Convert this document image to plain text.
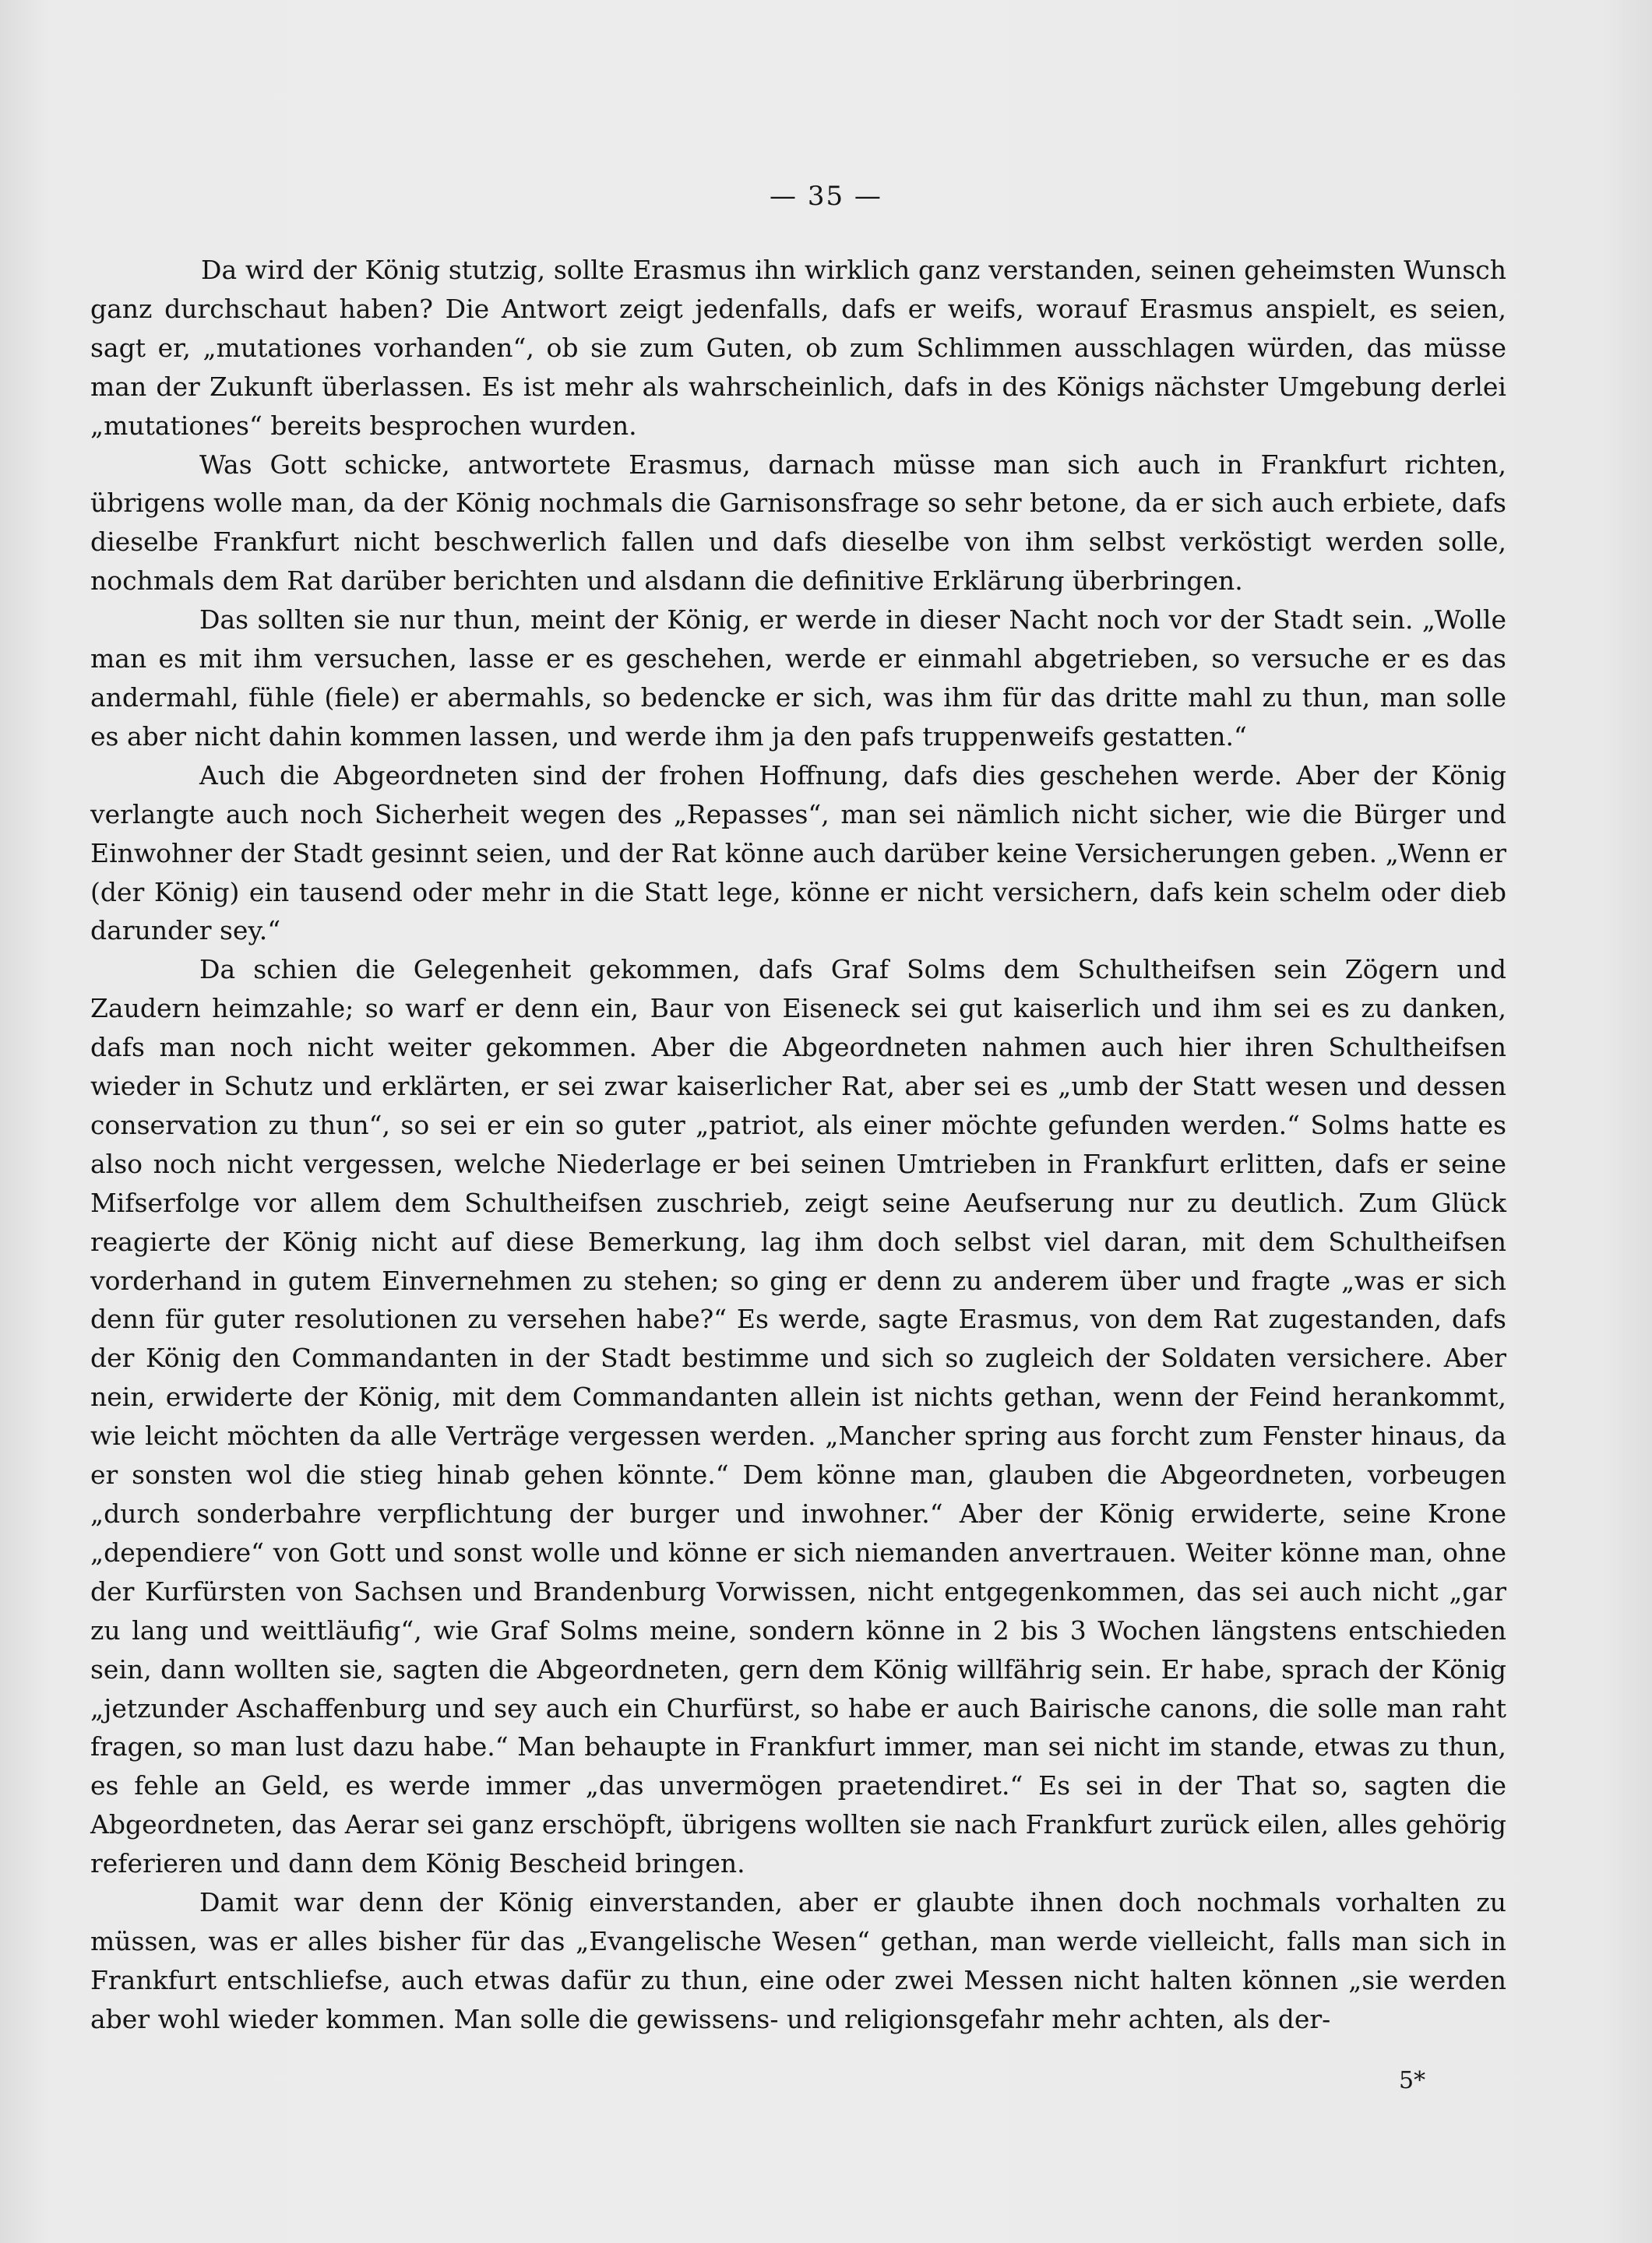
— 35 —

Da wird der König stutzig, sollte Erasmus ihn wirklich ganz verstanden, seinen geheimsten Wunsch ganz durchschaut haben? Die Antwort zeigt jedenfalls, dafs er weifs, worauf Erasmus anspielt, es seien, sagt er, „mutationes vorhanden“, ob sie zum Guten, ob zum Schlimmen ausschlagen würden, das müsse man der Zukunft überlassen. Es ist mehr als wahrscheinlich, dafs in des Königs nächster Umgebung derlei „mutationes“ bereits besprochen wurden.

Was Gott schicke, antwortete Erasmus, darnach müsse man sich auch in Frankfurt richten, übrigens wolle man, da der König nochmals die Garnisonsfrage so sehr betone, da er sich auch erbiete, dafs dieselbe Frankfurt nicht beschwerlich fallen und dafs dieselbe von ihm selbst verköstigt werden solle, nochmals dem Rat darüber berichten und alsdann die definitive Erklärung überbringen.

Das sollten sie nur thun, meint der König, er werde in dieser Nacht noch vor der Stadt sein. „Wolle man es mit ihm versuchen, lasse er es geschehen, werde er einmahl abgetrieben, so versuche er es das andermahl, fühle (fiele) er abermahls, so bedencke er sich, was ihm für das dritte mahl zu thun, man solle es aber nicht dahin kommen lassen, und werde ihm ja den pafs truppenweifs gestatten.“

Auch die Abgeordneten sind der frohen Hoffnung, dafs dies geschehen werde. Aber der König verlangte auch noch Sicherheit wegen des „Repasses“, man sei nämlich nicht sicher, wie die Bürger und Einwohner der Stadt gesinnt seien, und der Rat könne auch darüber keine Versicherungen geben. „Wenn er (der König) ein tausend oder mehr in die Statt lege, könne er nicht versichern, dafs kein schelm oder dieb darunder sey.“

Da schien die Gelegenheit gekommen, dafs Graf Solms dem Schultheifsen sein Zögern und Zaudern heimzahle; so warf er denn ein, Baur von Eiseneck sei gut kaiserlich und ihm sei es zu danken, dafs man noch nicht weiter gekommen. Aber die Abgeordneten nahmen auch hier ihren Schultheifsen wieder in Schutz und erklärten, er sei zwar kaiserlicher Rat, aber sei es „umb der Statt wesen und dessen conservation zu thun“, so sei er ein so guter „patriot, als einer möchte gefunden werden.“ Solms hatte es also noch nicht vergessen, welche Niederlage er bei seinen Umtrieben in Frankfurt erlitten, dafs er seine Mifserfolge vor allem dem Schultheifsen zuschrieb, zeigt seine Aeufserung nur zu deutlich. Zum Glück reagierte der König nicht auf diese Bemerkung, lag ihm doch selbst viel daran, mit dem Schultheifsen vorderhand in gutem Einvernehmen zu stehen; so ging er denn zu anderem über und fragte „was er sich denn für guter resolutionen zu versehen habe?“ Es werde, sagte Erasmus, von dem Rat zugestanden, dafs der König den Commandanten in der Stadt bestimme und sich so zugleich der Soldaten versichere. Aber nein, erwiderte der König, mit dem Commandanten allein ist nichts gethan, wenn der Feind herankommt, wie leicht möchten da alle Verträge vergessen werden. „Mancher spring aus forcht zum Fenster hinaus, da er sonsten wol die stieg hinab gehen könnte.“ Dem könne man, glauben die Abgeordneten, vorbeugen „durch sonderbahre verpflichtung der burger und inwohner.“ Aber der König erwiderte, seine Krone „dependiere“ von Gott und sonst wolle und könne er sich niemanden anvertrauen. Weiter könne man, ohne der Kurfürsten von Sachsen und Brandenburg Vorwissen, nicht entgegenkommen, das sei auch nicht „gar zu lang und weittläufig“, wie Graf Solms meine, sondern könne in 2 bis 3 Wochen längstens entschieden sein, dann wollten sie, sagten die Abgeordneten, gern dem König willfährig sein. Er habe, sprach der König „jetzunder Aschaffenburg und sey auch ein Churfürst, so habe er auch Bairische canons, die solle man raht fragen, so man lust dazu habe.“ Man behaupte in Frankfurt immer, man sei nicht im stande, etwas zu thun, es fehle an Geld, es werde immer „das unvermögen praetendiret.“ Es sei in der That so, sagten die Abgeordneten, das Aerar sei ganz erschöpft, übrigens wollten sie nach Frankfurt zurück eilen, alles gehörig referieren und dann dem König Bescheid bringen.

Damit war denn der König einverstanden, aber er glaubte ihnen doch nochmals vorhalten zu müssen, was er alles bisher für das „Evangelische Wesen“ gethan, man werde vielleicht, falls man sich in Frankfurt entschliefse, auch etwas dafür zu thun, eine oder zwei Messen nicht halten können „sie werden aber wohl wieder kommen. Man solle die gewissens- und religionsgefahr mehr achten, als der-

5*
